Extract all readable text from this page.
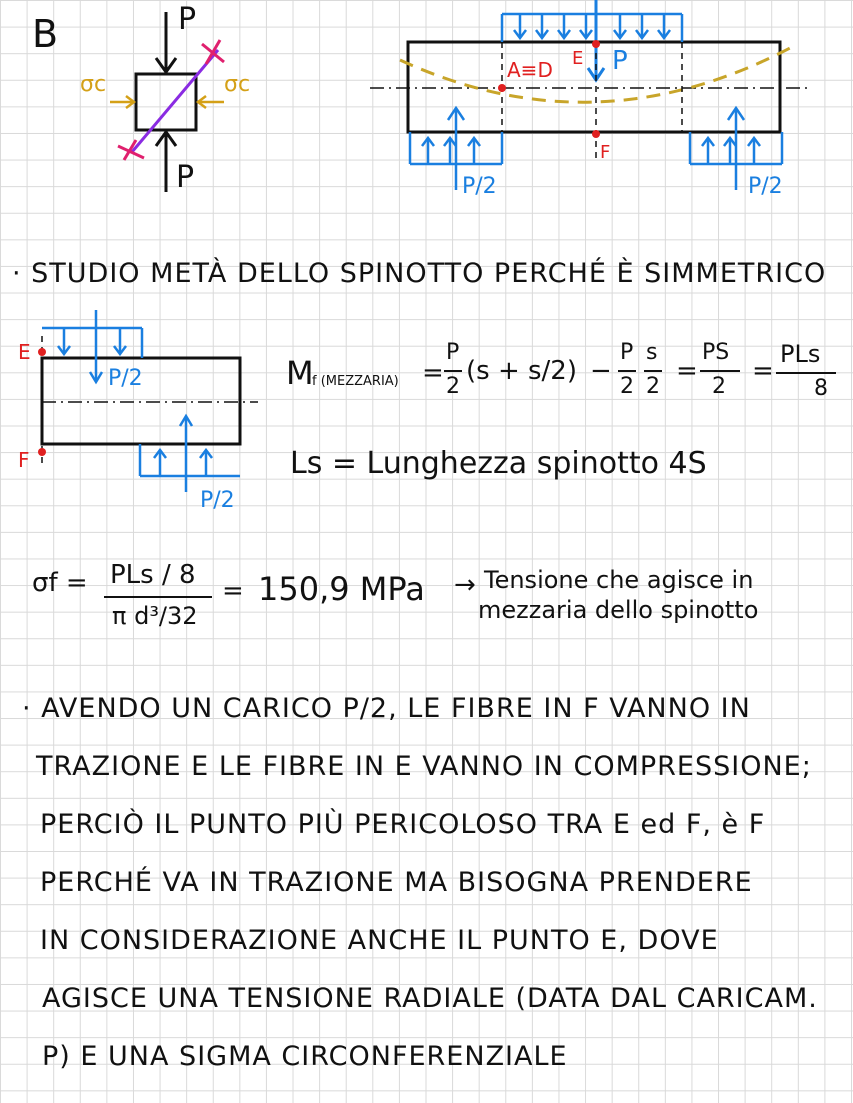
B	P
P
σc	σc
A≡D E P
F
P/2	P/2
· STUDIO METÀ DELLO SPINOTTO PERCHÉ È SIMMETRICO
E
F
P/2
P/2
M
f (MEZZARIA) =
P
2
(s + s/2) −
P
2
s
2
=
PS
2
=
PLs
8
Ls = Lunghezza spinotto 4S
σf = PLs / 8
π d³/32
= 150,9 MPa → Tensione che agisce in
mezzaria dello spinotto
· AVENDO UN CARICO P/2, LE FIBRE IN F VANNO IN
TRAZIONE E LE FIBRE IN E VANNO IN COMPRESSIONE;
PERCIÒ IL PUNTO PIÙ PERICOLOSO TRA E ed F, è F
PERCHÉ VA IN TRAZIONE MA BISOGNA PRENDERE
IN CONSIDERAZIONE ANCHE IL PUNTO E, DOVE
AGISCE UNA TENSIONE RADIALE (DATA DAL CARICAM.
P) E UNA SIGMA CIRCONFERENZIALE
